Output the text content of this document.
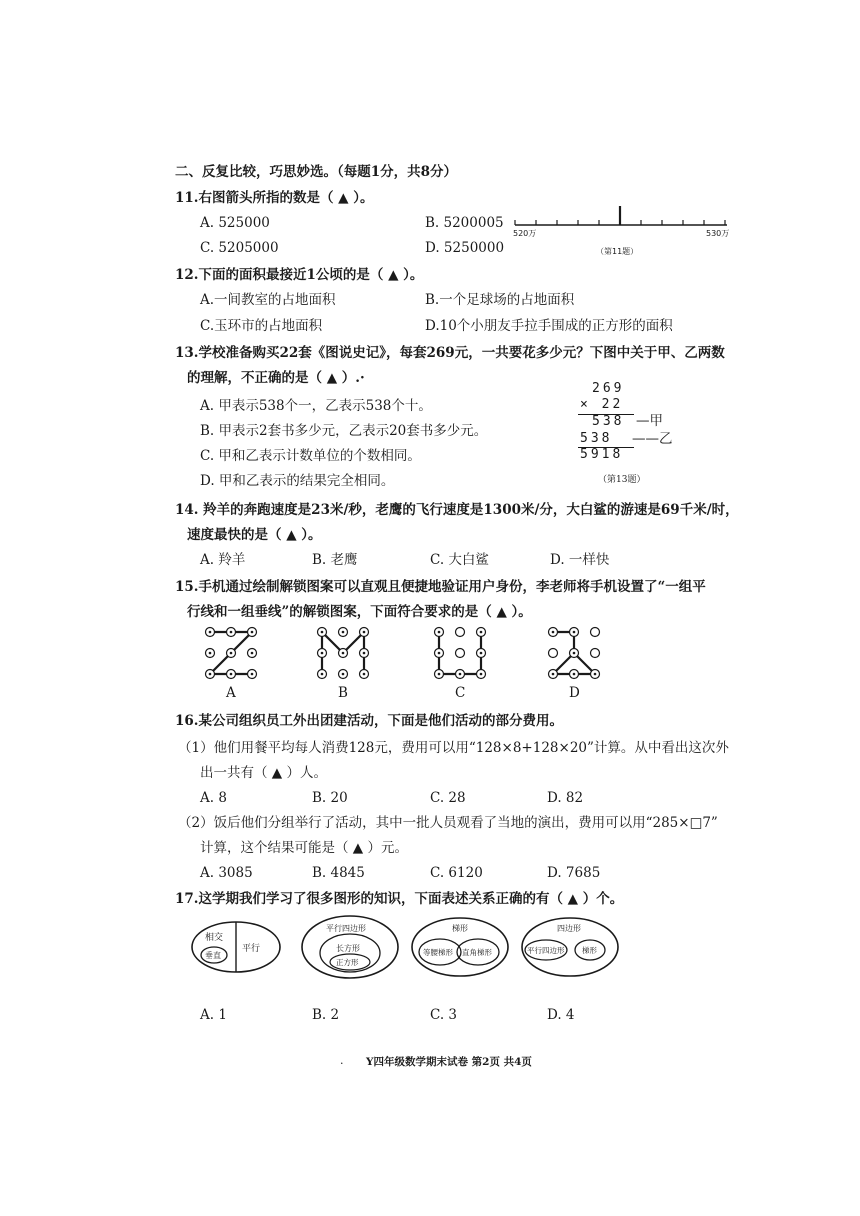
二、反复比较，巧思妙选。（每题1分，共8分）
11.右图箭头所指的数是（ ▲ ）。
A. 525000	B. 5200005
C. 5205000	D. 5250000
520万	530万
（第11题）
12.下面的面积最接近1公顷的是（ ▲ ）。
A.一间教室的占地面积	B.一个足球场的占地面积
C.玉环市的占地面积	D.10个小朋友手拉手围成的正方形的面积
13.学校准备购买22套《图说史记》，每套269元，一共要花多少元？下图中关于甲、乙两数
的理解，不正确的是（ ▲ ）.·
A. 甲表示538个一，乙表示538个十。
B. 甲表示2套书多少元，乙表示20套书多少元。
C. 甲和乙表示计数单位的个数相同。
D. 甲和乙表示的结果完全相同。
269
× 22
538 —甲
538 ——乙
5918
（第13题）
14. 羚羊的奔跑速度是23米/秒，老鹰的飞行速度是1300米/分，大白鲨的游速是69千米/时，
速度最快的是（ ▲ ）。
A. 羚羊	B. 老鹰	C. 大白鲨	D. 一样快
15.手机通过绘制解锁图案可以直观且便捷地验证用户身份，李老师将手机设置了“一组平
行线和一组垂线”的解锁图案，下面符合要求的是（ ▲ ）。
A	B	C	D
16.某公司组织员工外出团建活动，下面是他们活动的部分费用。
（1）他们用餐平均每人消费128元，费用可以用“128×8+128×20”计算。从中看出这次外
出一共有（ ▲ ）人。
A. 8	B. 20	C. 28	D. 82
（2）饭后他们分组举行了活动，其中一批人员观看了当地的演出，费用可以用“285×□7”
计算，这个结果可能是（ ▲ ）元。
A. 3085	B. 4845	C. 6120	D. 7685
17.这学期我们学习了很多图形的知识，下面表述关系正确的有（ ▲ ）个。
相交
垂直
平行
平行四边形
长方形
正方形
梯形
等腰梯形 直角梯形
四边形
平行四边形 梯形
A. 1	B. 2	C. 3	D. 4
. Y四年级数学期末试卷 第2页 共4页
